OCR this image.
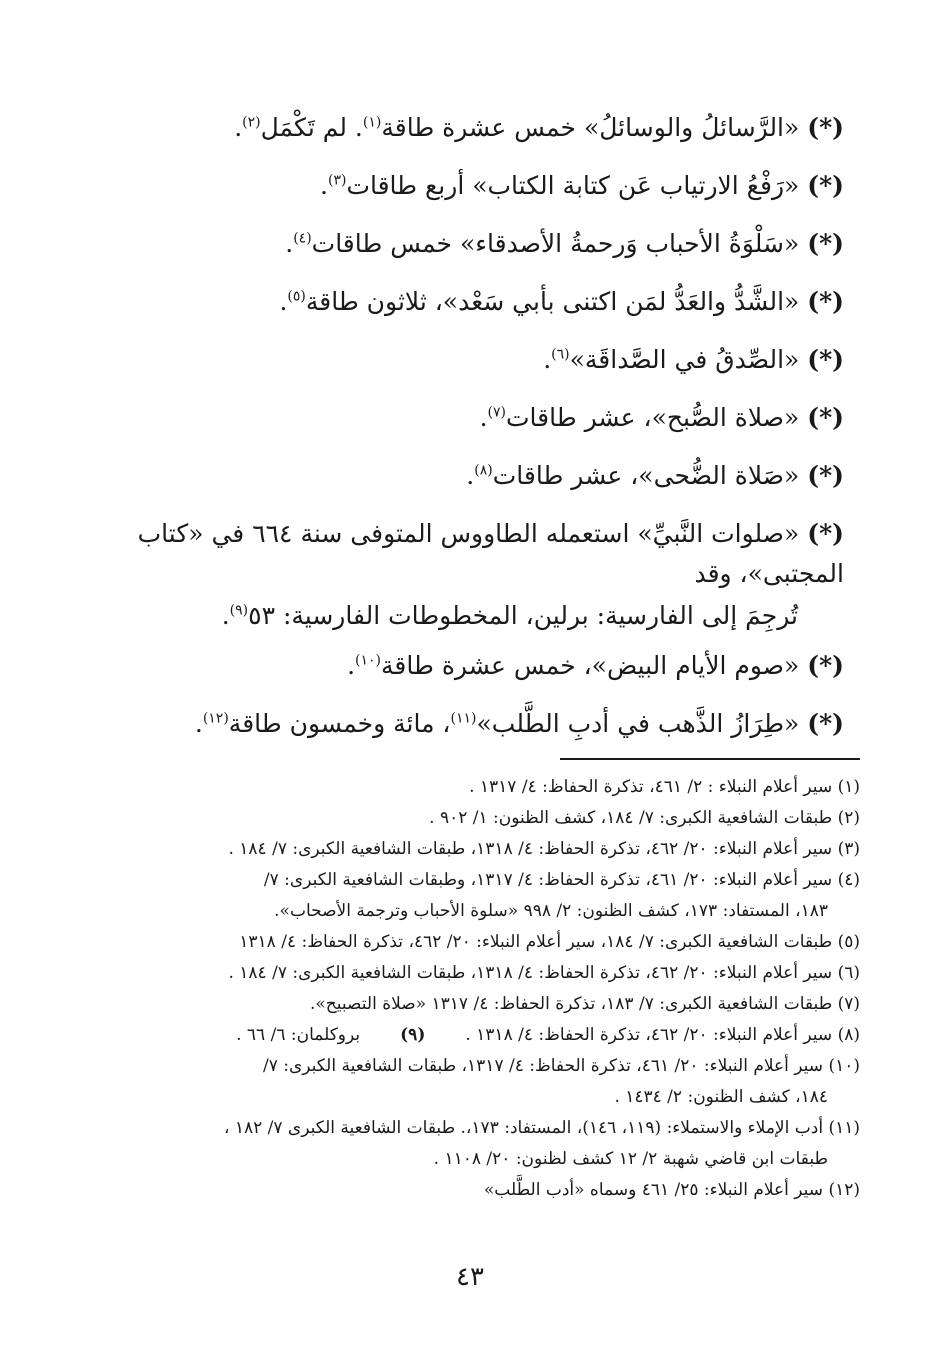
(*) «الرَّسائلُ والوسائلُ» خمس عشرة طاقة$^{(١)}$. لم تَكْمَل$^{(٢)}$.
(*) «رَفْعُ الارتياب عَن كتابة الكتاب» أربع طاقات$^{(٣)}$.
(*) «سَلْوَةُ الأحباب وَرحمةُ الأصدقاء» خمس طاقات$^{(٤)}$.
(*) «الشَّدُّ والعَدُّ لمَن اكتنى بأبي سَعْد»، ثلاثون طاقة$^{(٥)}$.
(*) «الصِّدقُ في الصَّداقَة»$^{(٦)}$.
(*) «صلاة الصُّبح»، عشر طاقات$^{(٧)}$.
(*) «صَلاة الضُّحى»، عشر طاقات$^{(٨)}$.
(*) «صلوات النَّبيِّ» استعمله الطاووس المتوفى سنة ٦٦٤ في «كتاب المجتبى»، وقد
تُرجِمَ إلى الفارسية: برلين، المخطوطات الفارسية: ٥٣$^{(٩)}$.
(*) «صوم الأيام البيض»، خمس عشرة طاقة$^{(١٠)}$.
(*) «طِرَازُ الذَّهب في أدبِ الطَّلب»$^{(١١)}$، مائة وخمسون طاقة$^{(١٢)}$.
(١) سير أعلام النبلاء : ٢/ ٤٦١، تذكرة الحفاظ: ٤/ ١٣١٧ .
(٢) طبقات الشافعية الكبرى: ٧/ ١٨٤، كشف الظنون: ١/ ٩٠٢ .
(٣) سير أعلام النبلاء: ٢٠/ ٤٦٢، تذكرة الحفاظ: ٤/ ١٣١٨، طبقات الشافعية الكبرى: ٧/ ١٨٤ .
(٤) سير أعلام النبلاء: ٢٠/ ٤٦١، تذكرة الحفاظ: ٤/ ١٣١٧، وطبقات الشافعية الكبرى: ٧/
١٨٣، المستفاد: ١٧٣، كشف الظنون: ٢/ ٩٩٨ «سلوة الأحباب وترجمة الأصحاب».
(٥) طبقات الشافعية الكبرى: ٧/ ١٨٤، سير أعلام النبلاء: ٢٠/ ٤٦٢، تذكرة الحفاظ: ٤/ ١٣١٨
(٦) سير أعلام النبلاء: ٢٠/ ٤٦٢، تذكرة الحفاظ: ٤/ ١٣١٨، طبقات الشافعية الكبرى: ٧/ ١٨٤ .
(٧) طبقات الشافعية الكبرى: ٧/ ١٨٣، تذكرة الحفاظ: ٤/ ١٣١٧ «صلاة التصبيح».
(٨) سير أعلام النبلاء: ٢٠/ ٤٦٢، تذكرة الحفاظ: ٤/ ١٣١٨ .(٩)بروكلمان: ٦/ ٦٦ .
(١٠) سير أعلام النبلاء: ٢٠/ ٤٦١، تذكرة الحفاظ: ٤/ ١٣١٧، طبقات الشافعية الكبرى: ٧/
١٨٤، كشف الظنون: ٢/ ١٤٣٤ .
(١١) أدب الإملاء والاستملاء: (١١٩، ١٤٦)، المستفاد: ١٧٣،. طبقات الشافعية الكبرى ٧/ ١٨٢ ،
طبقات ابن قاضي شهبة ٢/ ١٢ كشف لظنون: ٢٠/ ١١٠٨ .
(١٢) سير أعلام النبلاء: ٢٥/ ٤٦١ وسماه «أدب الطَّلب»
٤٣
